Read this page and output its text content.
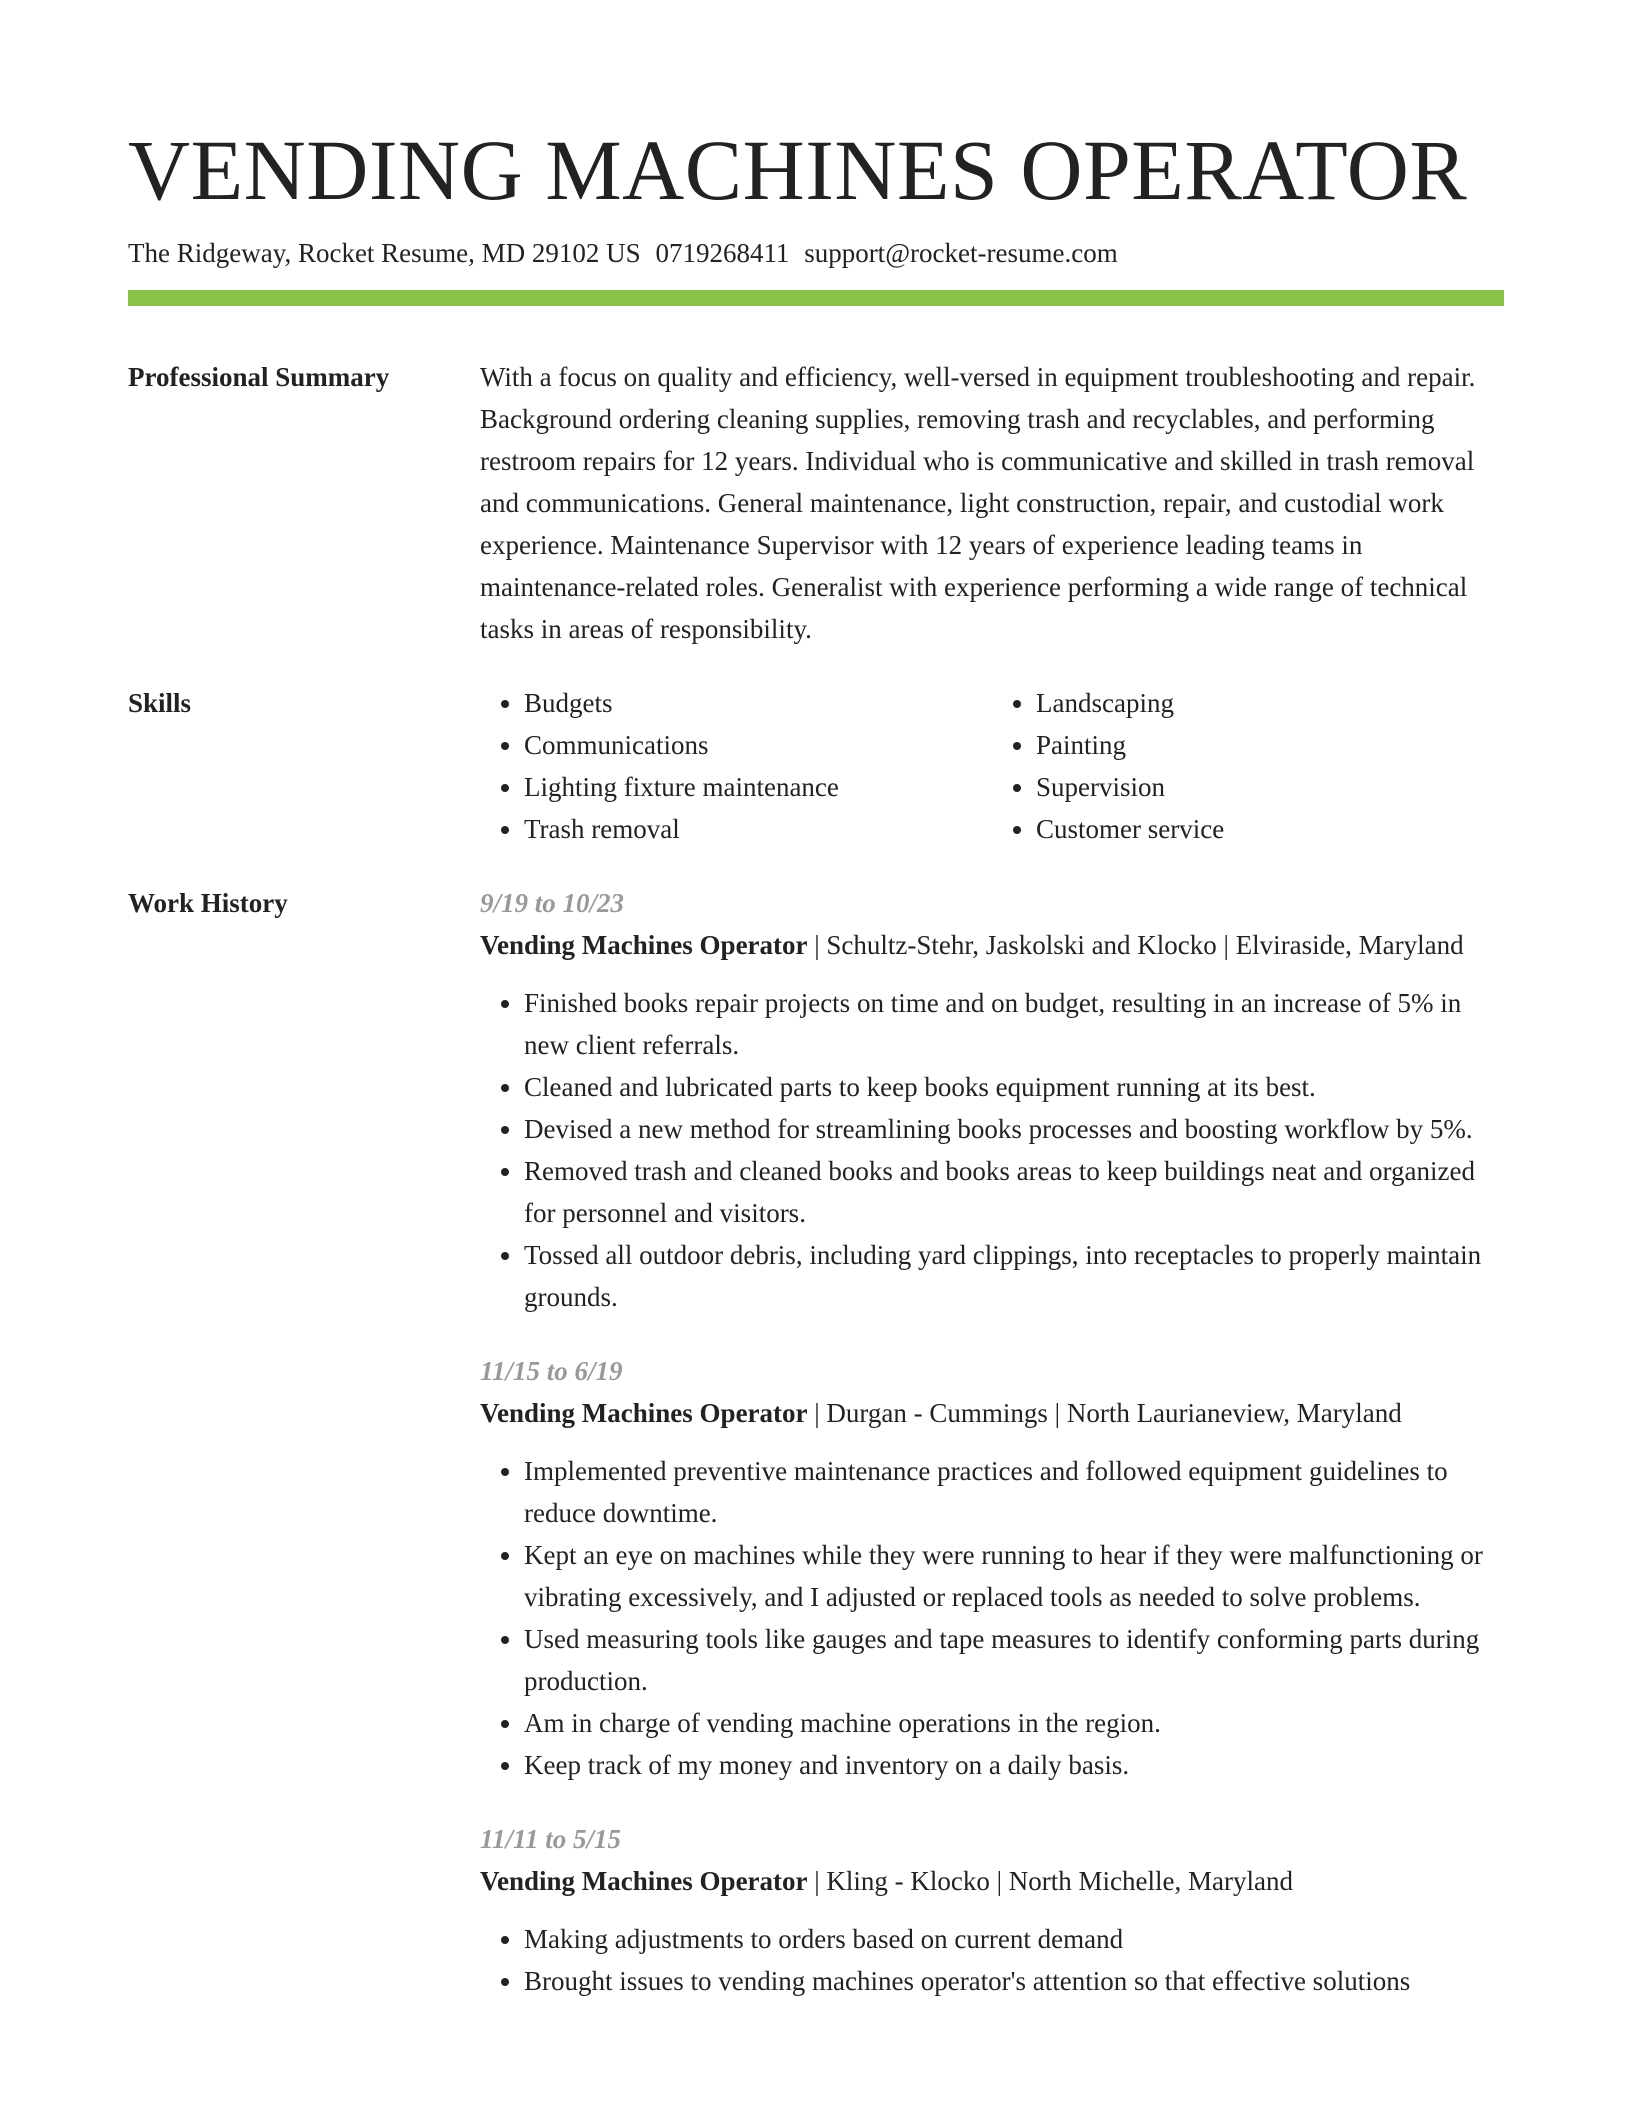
VENDING MACHINES OPERATOR
The Ridgeway, Rocket Resume, MD 29102 US 0719268411 support@rocket-resume.com
Professional Summary	With a focus on quality and efficiency, well-versed in equipment troubleshooting and repair. Background ordering cleaning supplies, removing trash and recyclables, and performing restroom repairs for 12 years. Individual who is communicative and skilled in trash removal and communications. General maintenance, light construction, repair, and custodial work experience. Maintenance Supervisor with 12 years of experience leading teams in maintenance-related roles. Generalist with experience performing a wide range of technical tasks in areas of responsibility.
Skills
•	Budgets
• Communications
• Lighting fixture maintenance
• Trash removal
• Landscaping
• Painting
• Supervision
• Customer service
Work History	9/19 to 10/23
Vending Machines Operator | Schultz-Stehr, Jaskolski and Klocko | Elviraside, Maryland
• Finished books repair projects on time and on budget, resulting in an increase of 5% in new client referrals.
• Cleaned and lubricated parts to keep books equipment running at its best.
• Devised a new method for streamlining books processes and boosting workflow by 5%.
• Removed trash and cleaned books and books areas to keep buildings neat and organized for personnel and visitors.
• Tossed all outdoor debris, including yard clippings, into receptacles to properly maintain grounds.
11/15 to 6/19
Vending Machines Operator | Durgan - Cummings | North Laurianeview, Maryland
• Implemented preventive maintenance practices and followed equipment guidelines to reduce downtime.
• Kept an eye on machines while they were running to hear if they were malfunctioning or vibrating excessively, and I adjusted or replaced tools as needed to solve problems.
• Used measuring tools like gauges and tape measures to identify conforming parts during production.
• Am in charge of vending machine operations in the region.
• Keep track of my money and inventory on a daily basis.
11/11 to 5/15
Vending Machines Operator | Kling - Klocko | North Michelle, Maryland
• Making adjustments to orders based on current demand
• Brought issues to vending machines operator's attention so that effective solutions
